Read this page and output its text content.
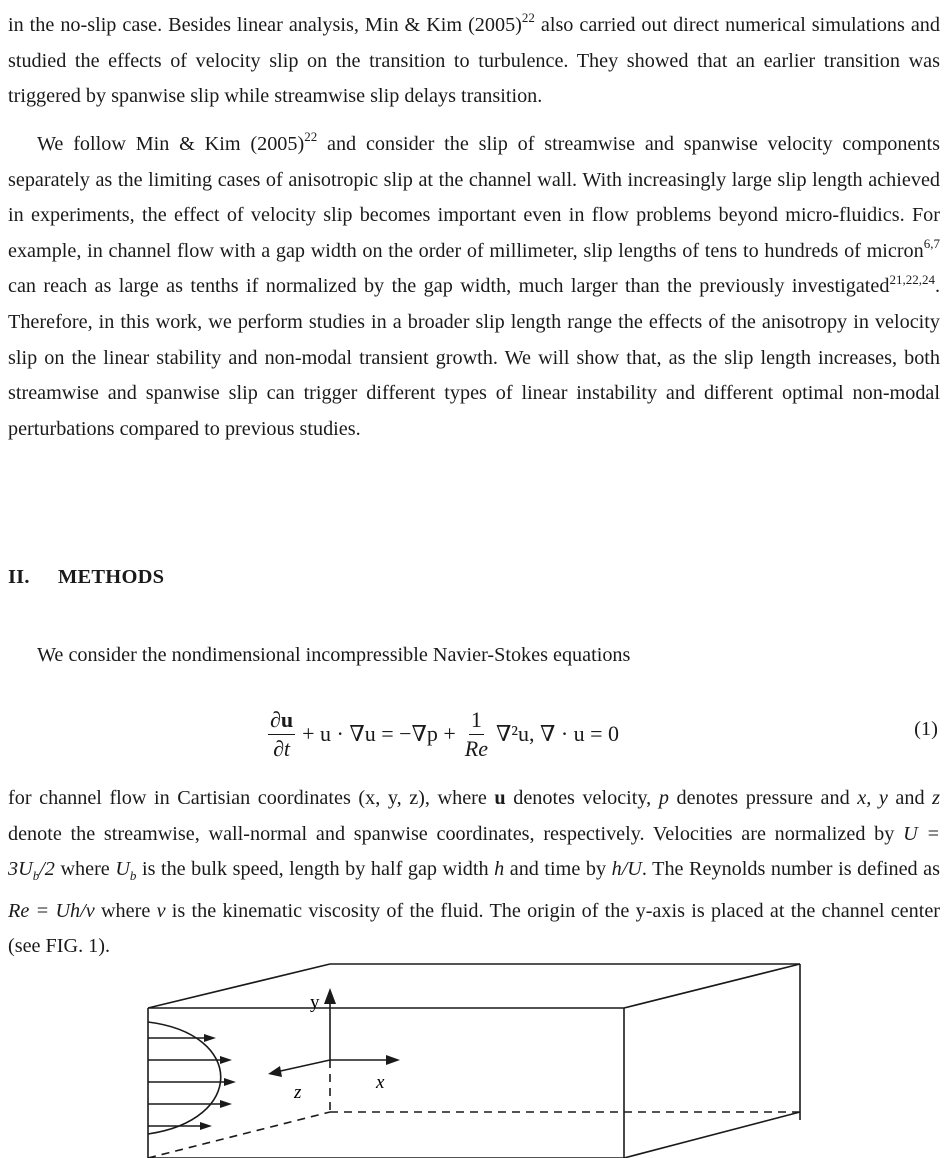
in the no-slip case. Besides linear analysis, Min & Kim $(2005)^{22}$ also carried out direct numerical simulations and studied the effects of velocity slip on the transition to turbulence. They showed that an earlier transition was triggered by spanwise slip while streamwise slip delays transition.

We follow Min & Kim $(2005)^{22}$ and consider the slip of streamwise and spanwise velocity components separately as the limiting cases of anisotropic slip at the channel wall. With increasingly large slip length achieved in experiments, the effect of velocity slip becomes important even in flow problems beyond micro-fluidics. For example, in channel flow with a gap width on the order of millimeter, slip lengths of tens to hundreds of micron$^{6,7}$ can reach as large as tenths if normalized by the gap width, much larger than the previously investigated$^{21,22,24}$. Therefore, in this work, we perform studies in a broader slip length range the effects of the anisotropy in velocity slip on the linear stability and non-modal transient growth. We will show that, as the slip length increases, both streamwise and spanwise slip can trigger different types of linear instability and different optimal non-modal perturbations compared to previous studies.

II. METHODS

We consider the nondimensional incompressible Navier-Stokes equations

$\frac{\partial u}{\partial t} + u \cdot \nabla u = -\nabla p + \frac{1}{Re} \nabla^2u$, ∇ · u = 0	(1)

for channel flow in Cartisian coordinates (x, y, z), where u denotes velocity, p denotes pressure and x, y and z denote the streamwise, wall-normal and spanwise coordinates, respectively. Velocities are normalized by $U = 3U_b/2$ where $U_b$ is the bulk speed, length by half gap width h and time by h/U. The Reynolds number is defined as Re = Uh/ν where ν is the kinematic viscosity of the fluid. The origin of the y-axis is placed at the channel center (see FIG. 1).

y
x
z
